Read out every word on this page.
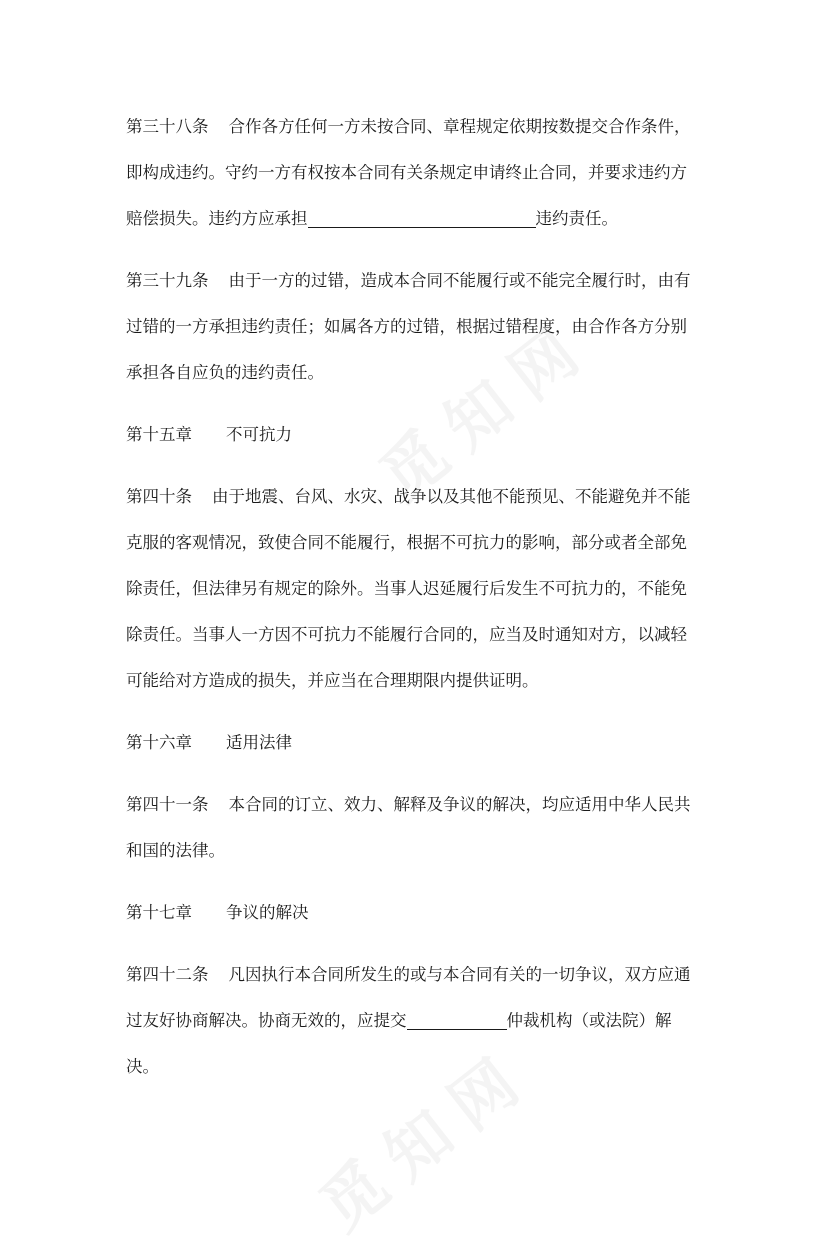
第三十八条 合作各方任何一方未按合同、章程规定依期按数提交合作条件，
即构成违约。守约一方有权按本合同有关条规定申请终止合同，并要求违约方
赔偿损失。违约方应承担	违约责任。
第三十九条 由于一方的过错，造成本合同不能履行或不能完全履行时，由有
过错的一方承担违约责任；如属各方的过错，根据过错程度，由合作各方分别
承担各自应负的违约责任。
第十五章 不可抗力
第四十条 由于地震、台风、水灾、战争以及其他不能预见、不能避免并不能
克服的客观情况，致使合同不能履行，根据不可抗力的影响，部分或者全部免
除责任，但法律另有规定的除外。当事人迟延履行后发生不可抗力的，不能免
除责任。当事人一方因不可抗力不能履行合同的，应当及时通知对方，以减轻
可能给对方造成的损失，并应当在合理期限内提供证明。
第十六章 适用法律
第四十一条 本合同的订立、效力、解释及争议的解决，均应适用中华人民共
和国的法律。
第十七章 争议的解决
第四十二条 凡因执行本合同所发生的或与本合同有关的一切争议，双方应通
过友好协商解决。协商无效的，应提交	仲裁机构（或法院）解
决。
